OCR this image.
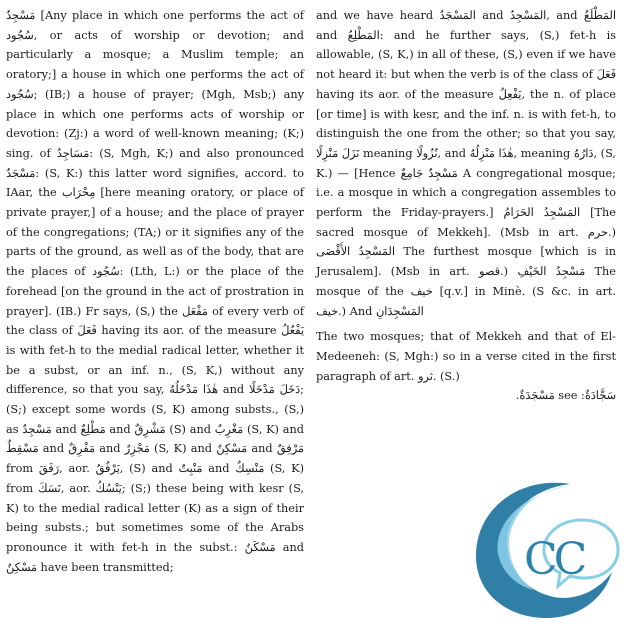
مَسْجِدٌ [Any place in which one performs the act of سُجُود, or acts of worship or devotion; and particularly a mosque; a Muslim temple; an oratory;] a house in which one performs the act of سُجُود; (IB;) a house of prayer; (Mgh, Msb;) any place in which one performs acts of worship or devotion: (Zj:) a word of well-known meaning; (K;) sing. of مَسَاجِدُ: (S, Mgh, K;) and also pronounced مَسْجَدٌ: (S, K:) this latter word signifies, accord. to IAar, the مِحْرَاب [here meaning oratory, or place of private prayer,] of a house; and the place of prayer of the congregations; (TA;) or it signifies any of the parts of the ground, as well as of the body, that are the places of سُجُود: (Lth, L:) or the place of the forehead [on the ground in the act of prostration in prayer]. (IB.) Fr says, (S,) the مَفْعَل of every verb of the class of فَعَلَ having its aor. of the measure يَفْعُلُ is with fet-h to the medial radical letter, whether it be a subst, or an inf. n., (S, K,) without any difference, so that you say, هٰذَا مَدْخَلُهُ and دَخَلَ مَدْخَلًا; (S;) except some words (S, K) among substs., (S,) as مَسْجِدٌ and مَطْلِعٌ and مَشْرِقٌ (S) and مَغْرِبٌ (S, K) and مَسْقِطٌ and مَفْرِقٌ and مَجْزِرٌ (S, K) and مَسْكِنٌ and مَرْفِقٌ from رَفَقَ, aor. يَرْفُقُ, (S) and مَنْبِتٌ and مَنْسِكٌ (S, K) from نَسَكَ, aor. يَنْسُكُ; (S;) these being with kesr (S, K) to the medial radical letter (K) as a sign of their being substs.; but sometimes some of the Arabs pronounce it with fet-h in the subst.: مَسْكَنٌ and مَسْكِنٌ have been transmitted;

and we have heard المَسْجَدُ and المَسْجِدُ, and المَطْلَعُ and المَطْلِعُ: and he further says, (S,) fet-h is allowable, (S, K,) in all of these, (S,) even if we have not heard it: but when the verb is of the class of فَعَلَ having its aor. of the measure يَفْعِلُ, the n. of place [or time] is with kesr, and the inf. n. is with fet-h, to distinguish the one from the other; so that you say, نَزَلَ مَنْزِلًا meaning نُزُولًا, and هٰذَا مَنْزِلُهُ, meaning دَارُهُ, (S, K.) — [Hence مَسْجِدٌ جَامِعٌ A congregational mosque; i.e. a mosque in which a congregation assembles to perform the Friday-prayers.] المَسْجِدُ الحَرَامُ [The sacred mosque of Mekkeh]. (Msb in art. حرم.) المَسْجِدُ الأَقْصَى The furthest mosque [which is in Jerusalem]. (Msb in art. قصو.) مَسْجِدُ الخَيْفِ The mosque of the خيف [q.v.] in Minè. (S &c. in art. خيف.) And المَسْجِدَانِ

The two mosques; that of Mekkeh and that of El-Medeeneh: (S, Mgh:) so in a verse cited in the first paragraph of art. ثرو. (S.)

سَجَّادَةٌ: see مَسْجَدَةٌ.

CC
